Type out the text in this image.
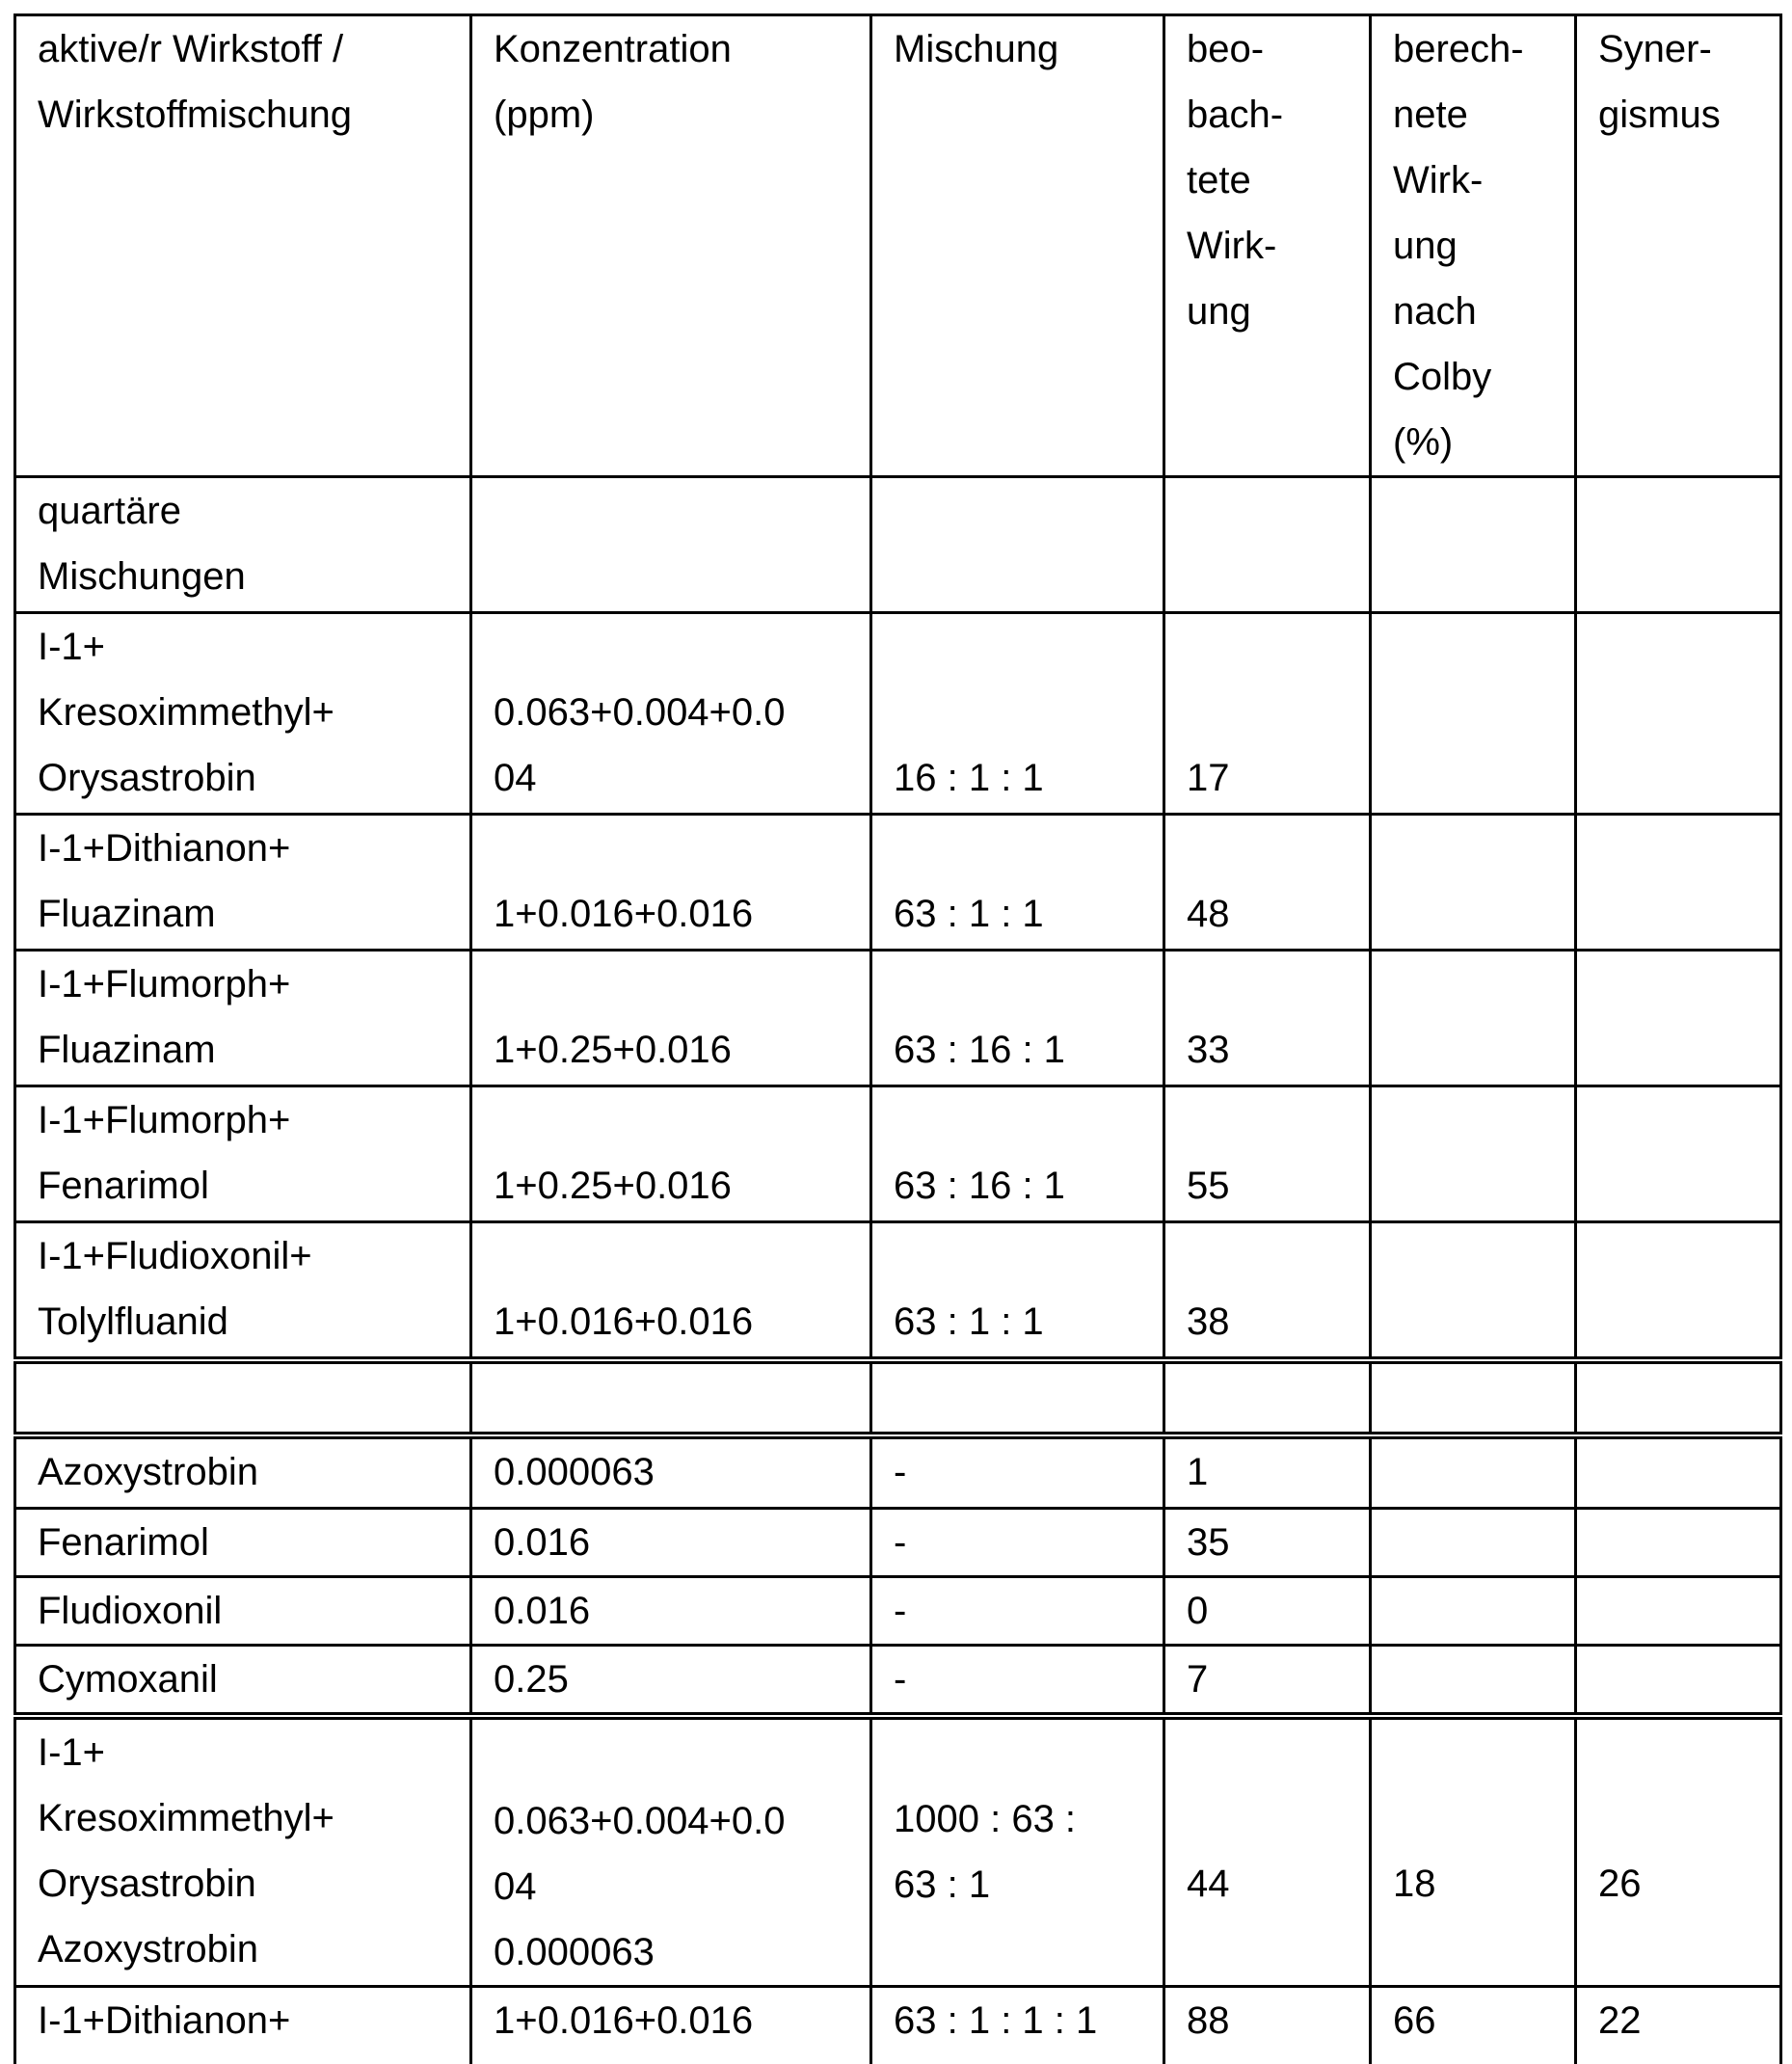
aktive/r Wirkstoff /
Wirkstoffmischung	Konzentration
(ppm)	Mischung	beo-
bach-
tete
Wirk-
ung	berech-
nete
Wirk-
ung
nach
Colby
(%)	Syner-
gismus
quartäre
Mischungen					
I-1+
Kresoximmethyl+
Orysastrobin	0.063+0.004+0.0
04	16 : 1 : 1	17		
I-1+Dithianon+
Fluazinam	1+0.016+0.016	63 : 1 : 1	48		
I-1+Flumorph+
Fluazinam	1+0.25+0.016	63 : 16 : 1	33		
I-1+Flumorph+
Fenarimol	1+0.25+0.016	63 : 16 : 1	55		
I-1+Fludioxonil+
Tolylfluanid	1+0.016+0.016	63 : 1 : 1	38		

Azoxystrobin	0.000063	-	1		
Fenarimol	0.016	-	35		
Fludioxonil	0.016	-	0		
Cymoxanil	0.25	-	7		
I-1+
Kresoximmethyl+
Orysastrobin
Azoxystrobin	0.063+0.004+0.0
04
0.000063	1000 : 63 :
63 : 1	44	18	26
I-1+Dithianon+	1+0.016+0.016	63 : 1 : 1 : 1	88	66	22
